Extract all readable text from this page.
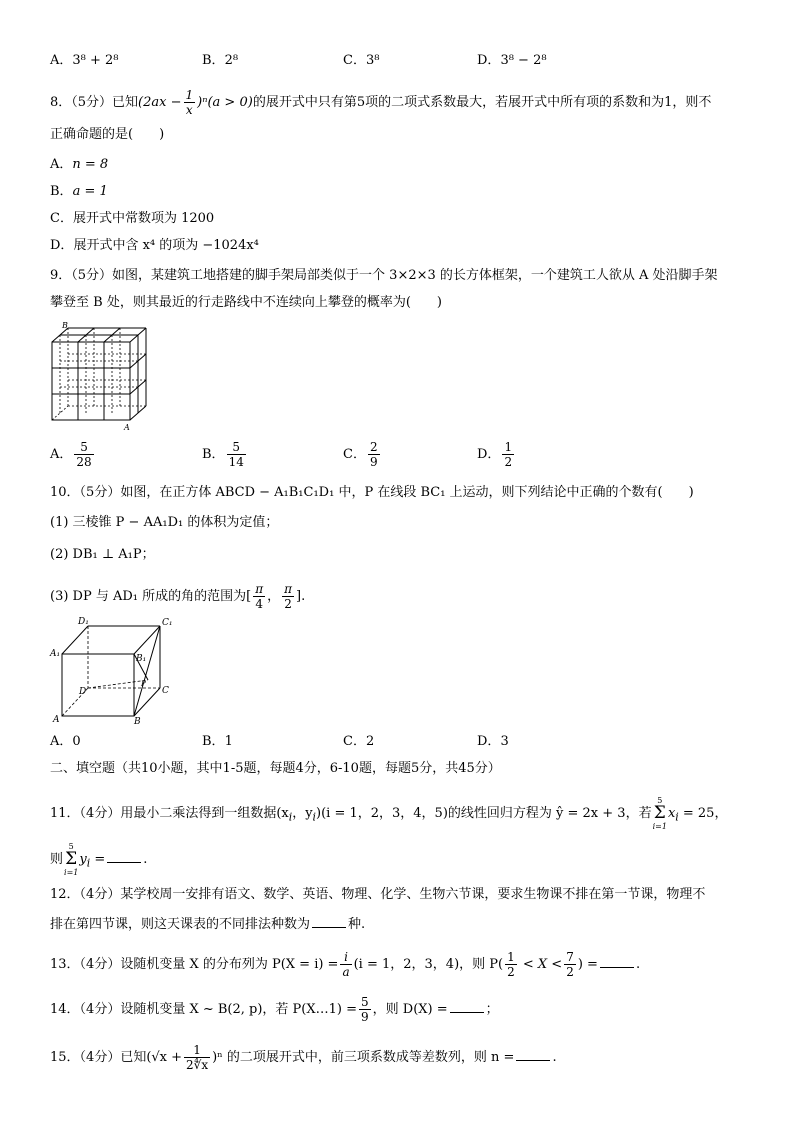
A．3⁸ + 2⁸	B．2⁸	C．3⁸	D．3⁸ − 2⁸
8．（5分）已知$(2ax - \frac{1}{x} )^n(a > 0)$的展开式中只有第5项的二项式系数最大，若展开式中所有项的系数和为1，则不
正确命题的是(　　)
A．n = 8
B．a = 1
C．展开式中常数项为 1200
D．展开式中含 x⁴ 的项为 −1024x⁴
9．（5分）如图，某建筑工地搭建的脚手架局部类似于一个 3×2×3 的长方体框架，一个建筑工人欲从 A 处沿脚手架
攀登至 B 处，则其最近的行走路线中不连续向上攀登的概率为(　　)
B
A
A． $\frac{5}{28}$	B． $\frac{5}{14}$	C． $\frac{2}{9}$	D． $\frac{1}{2}$
10．（5分）如图，在正方体 ABCD − A₁B₁C₁D₁ 中，P 在线段 BC₁ 上运动，则下列结论中正确的个数有(　　)
(1) 三棱锥 P − AA₁D₁ 的体积为定值；
(2) DB₁ ⊥ A₁P；
(3) DP 与 AD₁ 所成的角的范围为[ $\frac{\pi}{4}$ ， $\frac{\pi}{2}$ ].
D₁	C₁
A₁	B₁
D	C
A	B
P
A．0	B．1	C．2	D．3
二、填空题（共10小题，其中1-5题，每题4分，6-10题，每题5分，共45分）
11．（4分）用最小二乘法得到一组数据($x_i$，$y_i)(i = 1$，2，3，4，5)的线性回归方程为 ŷ = 2x + 3，若5
Σ
$i=1x_i = 25$，
则5
Σ
$i=1y_i$ =	.
12．（4分）某学校周一安排有语文、数学、英语、物理、化学、生物六节课，要求生物课不排在第一节课，物理不
排在第四节课，则这天课表的不同排法种数为	种.
13．（4分）设随机变量 X 的分布列为 $P(X = i) = \frac{i}{a} (i = 1$，2，3，4)，则 $P( \frac{1}{2} < X < \frac{7}{2}$ ) =	.
14．（4分）设随机变量 X ~ B(2, p)，若 P(X…1) = $\frac{5}{9}$ ，则 D(X) =	；
15．（4分）已知$(√x + \frac{1}{2∜x} )^n$ 的二项展开式中，前三项系数成等差数列，则 n =	.
